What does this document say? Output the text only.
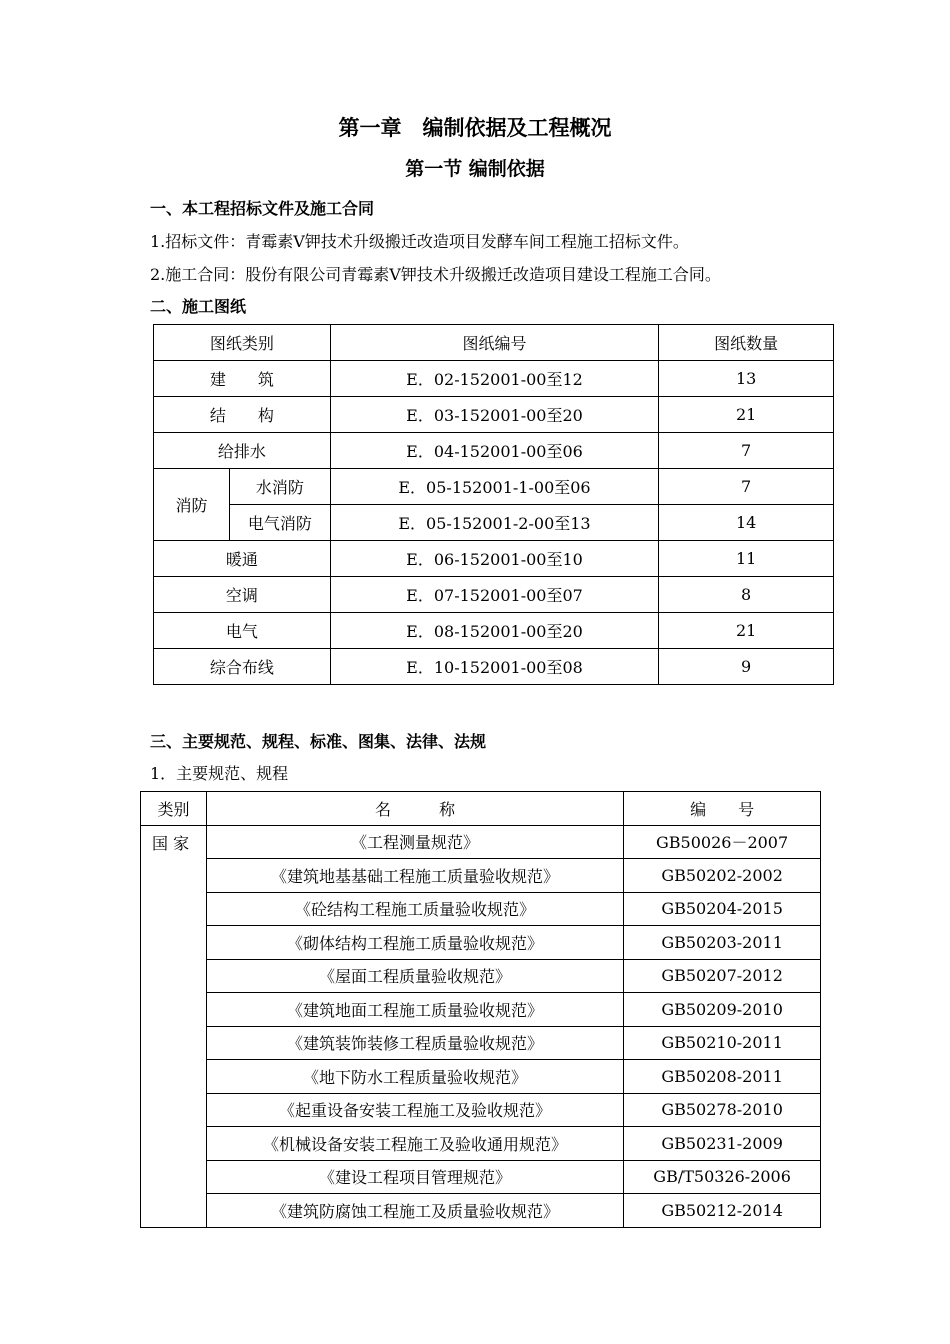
第一章　编制依据及工程概况
第一节 编制依据
一、本工程招标文件及施工合同
1.招标文件：青霉素Ⅴ钾技术升级搬迁改造项目发酵车间工程施工招标文件。
2.施工合同：股份有限公司青霉素Ⅴ钾技术升级搬迁改造项目建设工程施工合同。
二、施工图纸
图纸类别		图纸编号	图纸数量
建　　筑		E．02-152001-00至12	13
结　　构		E．03-152001-00至20	21
给排水		E．04-152001-00至06	7
消防	水消防	E．05-152001-1-00至06	7
	电气消防	E．05-152001-2-00至13	14
暖通		E．06-152001-00至10	11
空调		E．07-152001-00至07	8
电气		E．08-152001-00至20	21
综合布线		E．10-152001-00至08	9
三、主要规范、规程、标准、图集、法律、法规
1．主要规范、规程
类别	名　　　称	编　　号
国 家	《工程测量规范》	GB50026－2007
	《建筑地基基础工程施工质量验收规范》	GB50202-2002
	《砼结构工程施工质量验收规范》	GB50204-2015
	《砌体结构工程施工质量验收规范》	GB50203-2011
	《屋面工程质量验收规范》	GB50207-2012
	《建筑地面工程施工质量验收规范》	GB50209-2010
	《建筑装饰装修工程质量验收规范》	GB50210-2011
	《地下防水工程质量验收规范》	GB50208-2011
	《起重设备安装工程施工及验收规范》	GB50278-2010
	《机械设备安装工程施工及验收通用规范》	GB50231-2009
	《建设工程项目管理规范》	GB/T50326-2006
	《建筑防腐蚀工程施工及质量验收规范》	GB50212-2014
